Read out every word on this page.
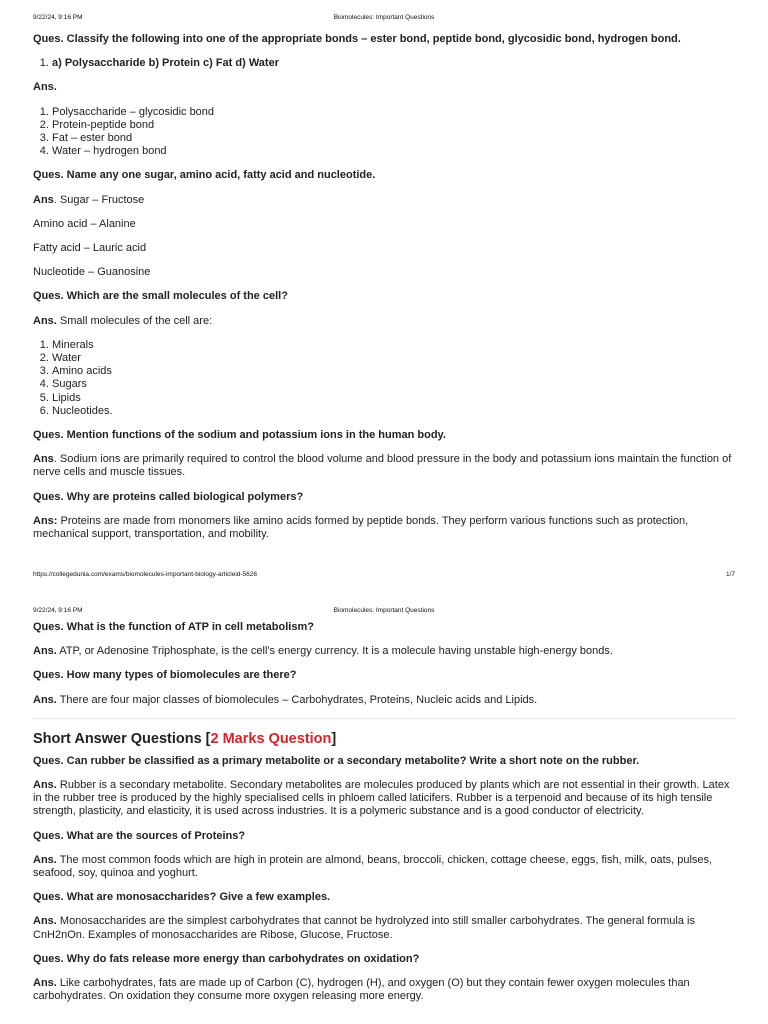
9/22/24, 9:16 PM	Biomolecules: Important Questions

Ques. Classify the following into one of the appropriate bonds – ester bond, peptide bond, glycosidic bond, hydrogen bond.

1. a) Polysaccharide b) Protein c) Fat d) Water

Ans.

1. Polysaccharide – glycosidic bond
2. Protein-peptide bond
3. Fat – ester bond
4. Water – hydrogen bond

Ques. Name any one sugar, amino acid, fatty acid and nucleotide.

Ans. Sugar – Fructose

Amino acid – Alanine

Fatty acid – Lauric acid

Nucleotide – Guanosine

Ques. Which are the small molecules of the cell?

Ans. Small molecules of the cell are:

1. Minerals
2. Water
3. Amino acids
4. Sugars
5. Lipids
6. Nucleotides.

Ques. Mention functions of the sodium and potassium ions in the human body.

Ans. Sodium ions are primarily required to control the blood volume and blood pressure in the body and potassium ions maintain the function of nerve cells and muscle tissues.

Ques. Why are proteins called biological polymers?

Ans: Proteins are made from monomers like amino acids formed by peptide bonds. They perform various functions such as protection, mechanical support, transportation, and mobility.

https://collegedunia.com/exams/biomolecules-important-biology-articleid-5626	1/7
9/22/24, 9:16 PM	Biomolecules: Important Questions

Ques. What is the function of ATP in cell metabolism?

Ans. ATP, or Adenosine Triphosphate, is the cell's energy currency. It is a molecule having unstable high-energy bonds.

Ques. How many types of biomolecules are there?

Ans. There are four major classes of biomolecules – Carbohydrates, Proteins, Nucleic acids and Lipids.

Short Answer Questions [2 Marks Question]

Ques. Can rubber be classified as a primary metabolite or a secondary metabolite? Write a short note on the rubber.

Ans. Rubber is a secondary metabolite. Secondary metabolites are molecules produced by plants which are not essential in their growth. Latex in the rubber tree is produced by the highly specialised cells in phloem called laticifers. Rubber is a terpenoid and because of its high tensile strength, plasticity, and elasticity, it is used across industries. It is a polymeric substance and is a good conductor of electricity.

Ques. What are the sources of Proteins?

Ans. The most common foods which are high in protein are almond, beans, broccoli, chicken, cottage cheese, eggs, fish, milk, oats, pulses, seafood, soy, quinoa and yoghurt.

Ques. What are monosaccharides? Give a few examples.

Ans. Monosaccharides are the simplest carbohydrates that cannot be hydrolyzed into still smaller carbohydrates. The general formula is CnH2nOn. Examples of monosaccharides are Ribose, Glucose, Fructose.

Ques. Why do fats release more energy than carbohydrates on oxidation?

Ans. Like carbohydrates, fats are made up of Carbon (C), hydrogen (H), and oxygen (O) but they contain fewer oxygen molecules than carbohydrates. On oxidation they consume more oxygen releasing more energy.
